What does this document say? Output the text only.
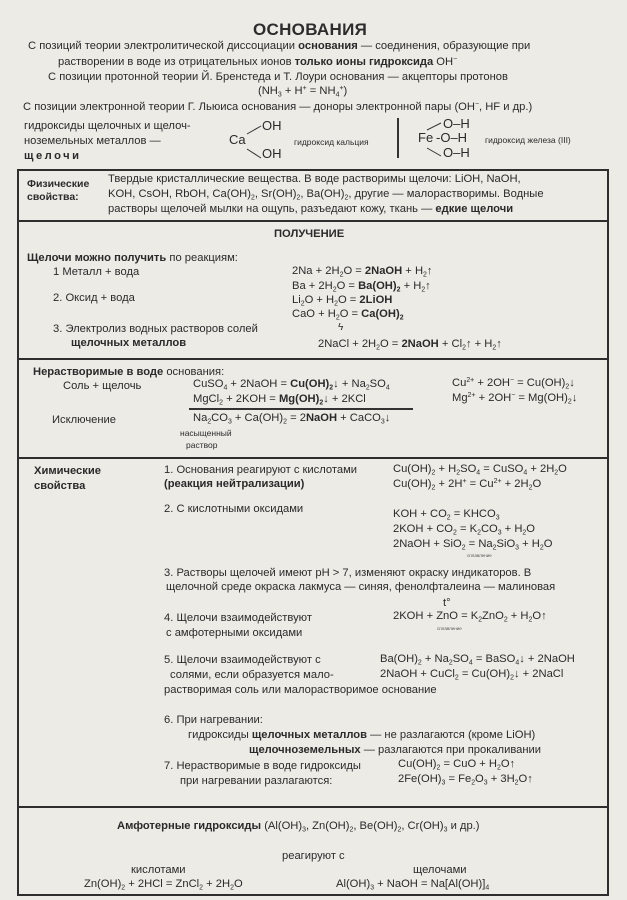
ОСНОВАНИЯ
С позиций теории электролитической диссоциации основания — соединения, образующие при
растворении в воде из отрицательных ионов только ионы гидроксида OH−
С позиции протонной теории Й. Бренстеда и Т. Лоури основания — акцепторы протонов
$(NH_3 + H^+ = NH_4^+)$
С позиции электронной теории Г. Льюиса основания — доноры электронной пары (OH−, HF и др.)
гидроксиды щелочных и щелоч-
ноземельных металлов —
щелочи
Ca
OH
OH
гидроксид кальция	Fe
O–H
-O–H
O–H
гидроксид железа (III)
Физические
свойства:
Твердые кристаллические вещества. В воде растворимы щелочи: LiOH, NaOH,
KOH, CsOH, RbOH, $Ca(OH)_2$, $Sr(OH)_2$, $Ba(OH)_2$, другие — малорастворимы. Водные
растворы щелочей мылки на ощупь, разъедают кожу, ткань — едкие щелочи
ПОЛУЧЕНИЕ
Щелочи можно получить по реакциям:
1 Металл + вода	$2Na + 2H_2O$ = 2NaOH + $H_2↑$
$Ba + 2H_2O = Ba(OH)_2$ + $H_2↑$
2. Оксид + вода	$Li_2O + H_2O$ = 2LiOH
CaO + $H_2O = Ca(OH)_2$
3. Электролиз водных растворов солей
щелочных металлов
ϟ
2NaCl + $2H_2O$ = 2NaOH + $Cl_2↑$ + $H_2↑$
Нерастворимые в воде основания:
Соль + щелочь	CuSO$_4$ + 2NaOH = $Cu(OH)_2↓ + Na_2SO_4$
MgCl$_2$ + $2KOH = Mg(OH)_2↓ + 2KCl$
$Cu^{2+} + 2OH^-$ = $Cu(OH)_2↓$
$Mg^{2+} + 2OH^-$ = $Mg(OH)_2↓$
Исключение	$Na_2CO_3 + Ca(OH)_2$ = 2NaOH + CaCO$_3$↓
насыщенный
раствор
Химические
свойства
1. Основания реагируют с кислотами
(реакция нейтрализации)
$Cu(OH)_2 + H_2SO_4$ = CuSO$_4$ + $2H_2O$
$Cu(OH)_2 + 2H^+ = Cu^{2+} + 2H_2O$
2. С кислотными оксидами	KOH + $CO_2$ = $KHCO_3$
$2KOH + CO_2 = K_2CO_3 + H_2O$
2NaOH + $SiO_2 = Na_2SiO_3 + H_2O$
сплавление
3. Растворы щелочей имеют pH > 7, изменяют окраску индикаторов. В
щелочной среде окраска лакмуса — синяя, фенолфталеина — малиновая
4. Щелочи взаимодействуют
с амфотерными оксидами
t°
2KOH + ZnO = $K_2ZnO_2$ + $H_2O↑$
сплавление
5. Щелочи взаимодействуют с
солями, если образуется мало-
растворимая соль или малорастворимое основание
$Ba(OH)_2 + Na_2SO_4$ = BaSO$_4$↓ + 2NaOH
2NaOH + CuCl$_2$ = $Cu(OH)_2↓$ + 2NaCl
6. При нагревании:
гидроксиды щелочных металлов — не разлагаются (кроме LiOH)
щелочноземельных — разлагаются при прокаливании
7. Нерастворимые в воде гидроксиды
при нагревании разлагаются:
$Cu(OH)_2$ = CuO + $H_2O↑$
$2Fe(OH)_3 = Fe_2O_3$ + $3H_2O↑$
Амфотерные гидроксиды ($Al(OH)_3$, $Zn(OH)_2$, $Be(OH)_2$, $Cr(OH)_3$ и др.)
реагируют с
кислотами	щелочами
$Zn(OH)_2 + 2HCl$ = ZnCl$_2$ + $2H_2O$	$Al(OH)_3$ + NaOH = $Na[Al(OH)]_4$
